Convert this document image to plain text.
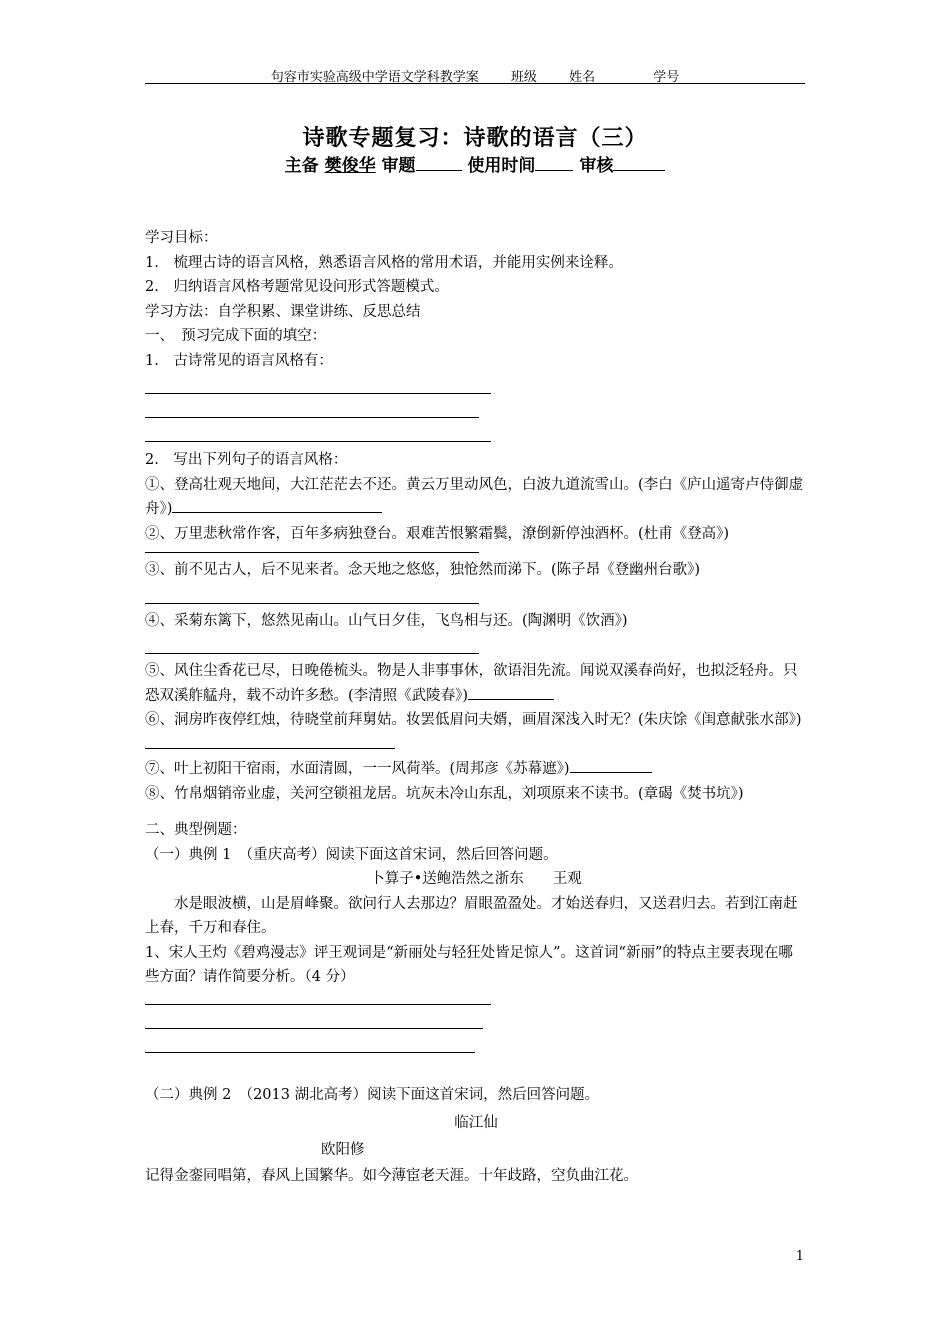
句容市实验高级中学语文学科教学案 班级 姓名	学号
诗歌专题复习：诗歌的语言（三）
主备 樊俊华 审题	使用时间	审核

学习目标：

1.　梳理古诗的语言风格，熟悉语言风格的常用术语，并能用实例来诠释。

2.　归纳语言风格考题常见设问形式答题模式。

学习方法：自学积累、课堂讲练、反思总结

一、　预习完成下面的填空：

1.　古诗常见的语言风格有：

2.　写出下列句子的语言风格：

①、登高壮观天地间，大江茫茫去不还。黄云万里动风色，白波九道流雪山。(李白《庐山遥寄卢侍御虚舟》)

②、万里悲秋常作客，百年多病独登台。艰难苦恨繁霜鬓，潦倒新停浊酒杯。(杜甫《登高》)

③、前不见古人，后不见来者。念天地之悠悠，独怆然而涕下。(陈子昂《登幽州台歌》)

④、采菊东篱下，悠然见南山。山气日夕佳，飞鸟相与还。(陶渊明《饮酒》)

⑤、风住尘香花已尽，日晚倦梳头。物是人非事事休，欲语泪先流。闻说双溪春尚好，也拟泛轻舟。只恐双溪舴艋舟，载不动许多愁。(李清照《武陵春》)

⑥、洞房昨夜停红烛，待晓堂前拜舅姑。妆罢低眉问夫婿，画眉深浅入时无？(朱庆馀《闺意献张水部》)

⑦、叶上初阳干宿雨，水面清圆，一一风荷举。(周邦彦《苏幕遮》)

⑧、竹帛烟销帝业虚，关河空锁祖龙居。坑灰未冷山东乱，刘项原来不读书。(章碣《焚书坑》)

二、典型例题：

（一）典例 1　（重庆高考）阅读下面这首宋词，然后回答问题。

卜算子•送鲍浩然之浙东　　王观

水是眼波横，山是眉峰聚。欲问行人去那边？眉眼盈盈处。才始送春归，又送君归去。若到江南赶上春，千万和春住。

1、宋人王灼《碧鸡漫志》评王观词是“新丽处与轻狂处皆足惊人”。这首词“新丽”的特点主要表现在哪些方面？请作简要分析。（4 分）

（二）典例 2　（2013 湖北高考）阅读下面这首宋词，然后回答问题。

临江仙

欧阳修

记得金銮同唱第，春风上国繁华。如今薄宦老天涯。十年歧路，空负曲江花。

1
